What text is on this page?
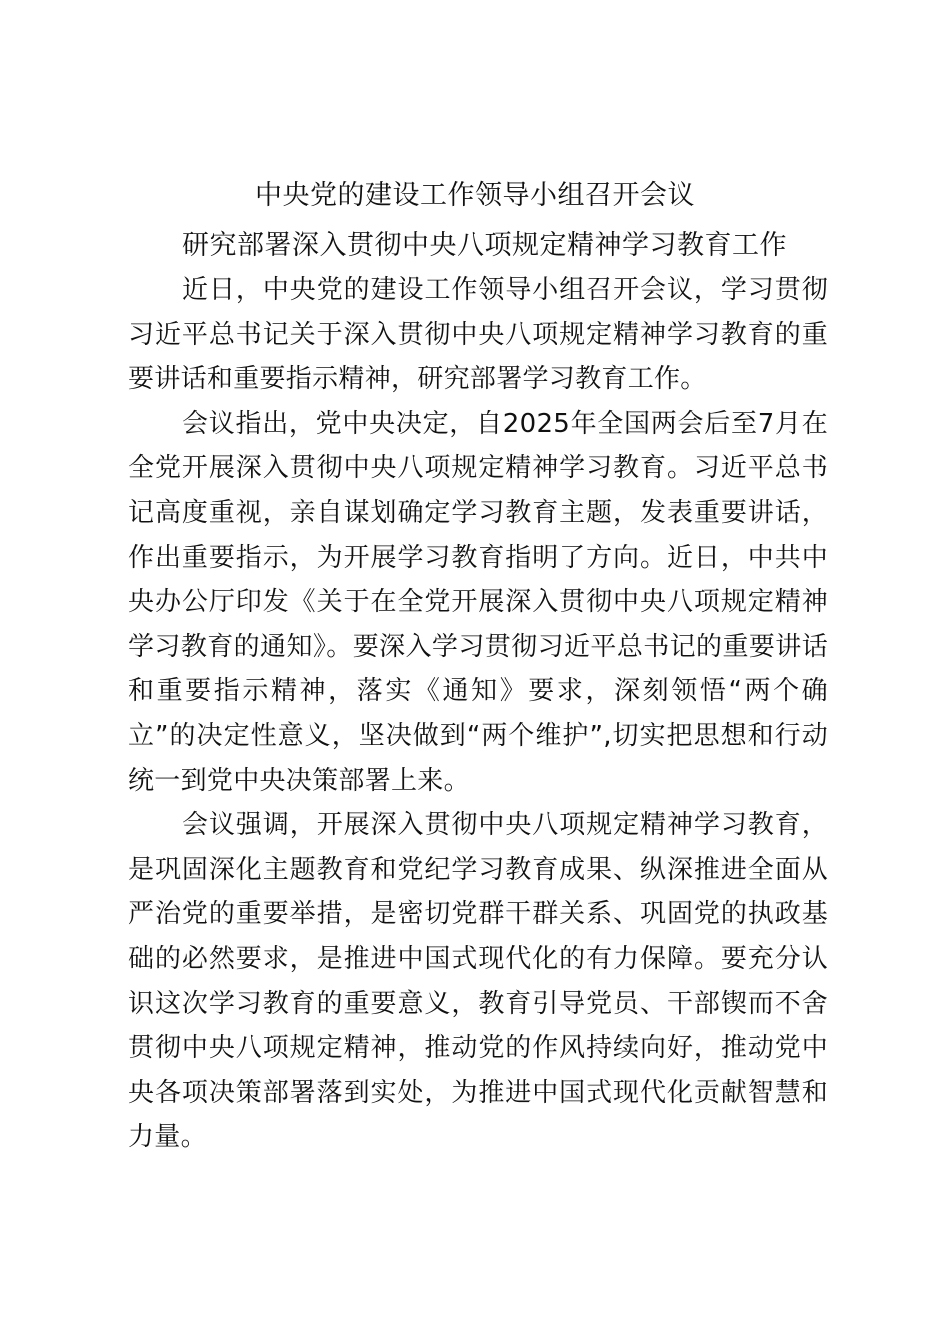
中央党的建设工作领导小组召开会议

研究部署深入贯彻中央八项规定精神学习教育工作

近日，中央党的建设工作领导小组召开会议，学习贯彻习近平总书记关于深入贯彻中央八项规定精神学习教育的重要讲话和重要指示精神，研究部署学习教育工作。

会议指出，党中央决定，自2025年全国两会后至7月在全党开展深入贯彻中央八项规定精神学习教育。习近平总书记高度重视，亲自谋划确定学习教育主题，发表重要讲话，作出重要指示，为开展学习教育指明了方向。近日，中共中央办公厅印发《关于在全党开展深入贯彻中央八项规定精神学习教育的通知》。要深入学习贯彻习近平总书记的重要讲话和重要指示精神，落实《通知》要求，深刻领悟“两个确立”的决定性意义，坚决做到“两个维护”,切实把思想和行动统一到党中央决策部署上来。

会议强调，开展深入贯彻中央八项规定精神学习教育，是巩固深化主题教育和党纪学习教育成果、纵深推进全面从严治党的重要举措，是密切党群干群关系、巩固党的执政基础的必然要求，是推进中国式现代化的有力保障。要充分认识这次学习教育的重要意义，教育引导党员、干部锲而不舍贯彻中央八项规定精神，推动党的作风持续向好，推动党中央各项决策部署落到实处，为推进中国式现代化贡献智慧和力量。
